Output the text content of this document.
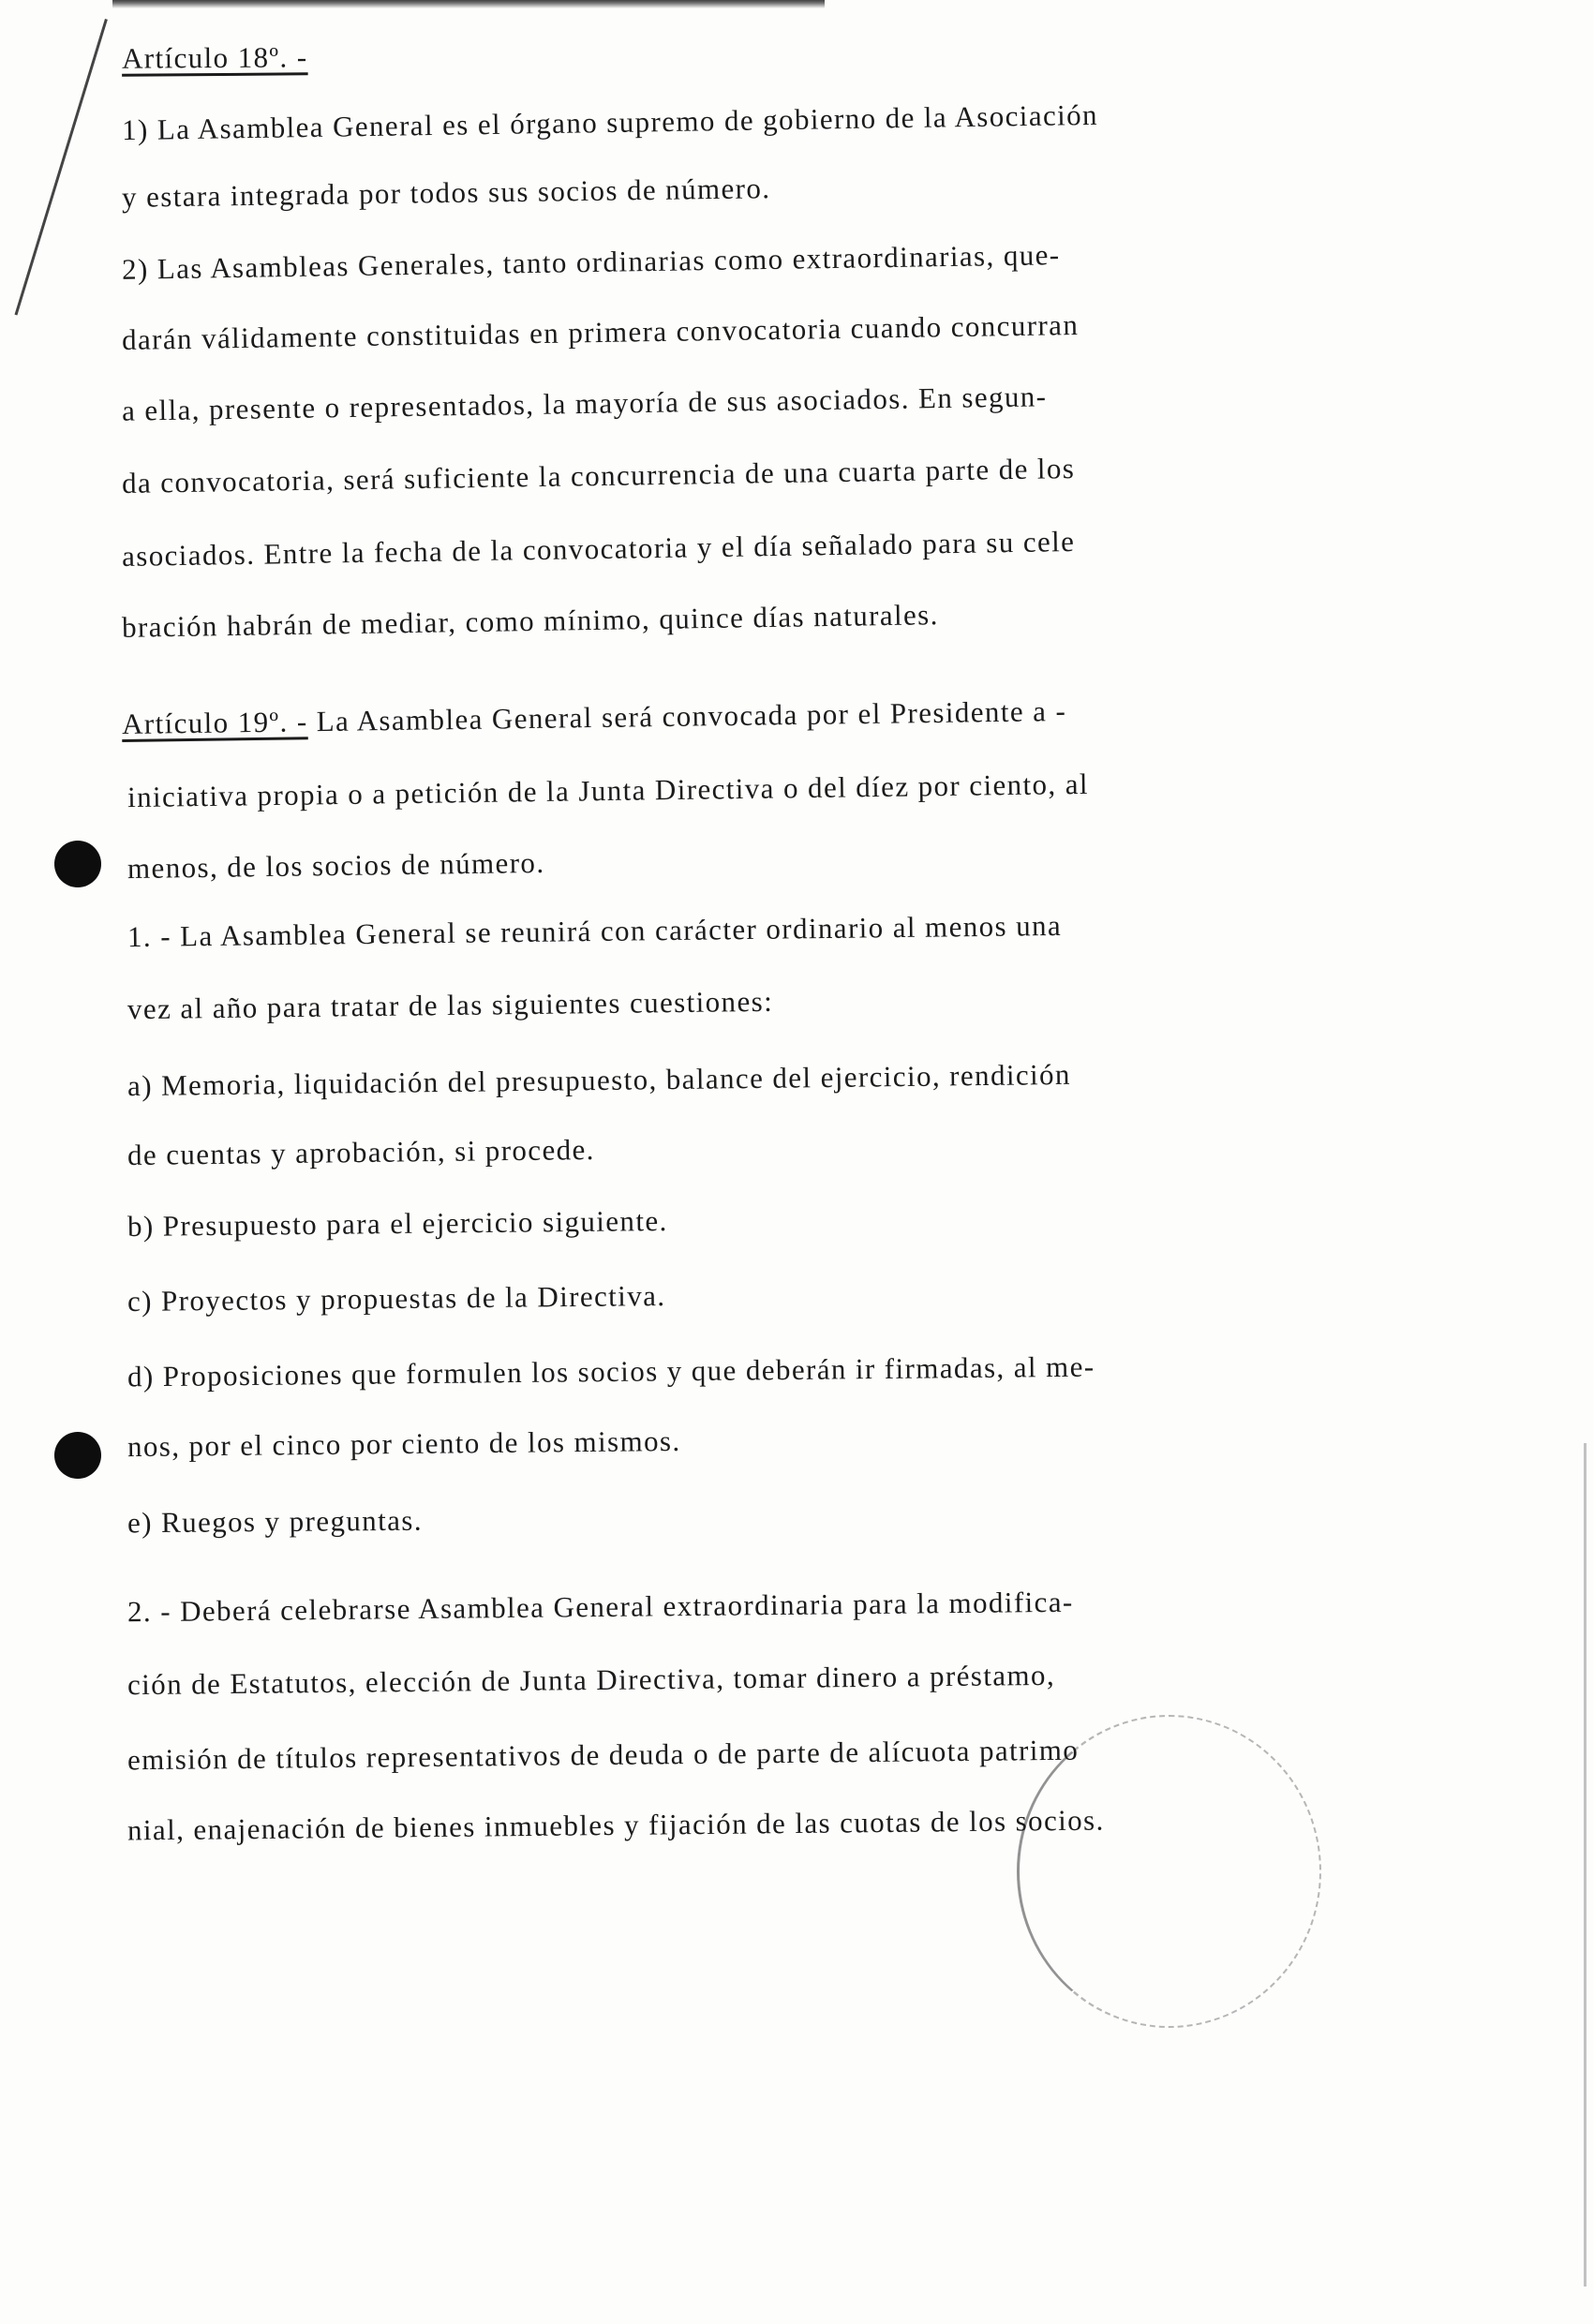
Artículo 18º. -
1) La Asamblea General es el órgano supremo de gobierno de la Asociación
y estara integrada por todos sus socios de número.
2) Las Asambleas Generales, tanto ordinarias como extraordinarias, que-
darán válidamente constituidas en primera convocatoria cuando concurran
a ella, presente o representados, la mayoría de sus asociados. En segun-
da convocatoria, será suficiente la concurrencia de una cuarta parte de los
asociados. Entre la fecha de la convocatoria y el día señalado para su cele
bración habrán de mediar, como mínimo, quince días naturales.
Artículo 19º. - La Asamblea General será convocada por el Presidente a -
iniciativa propia o a petición de la Junta Directiva o del díez por ciento, al
menos, de los socios de número.
1. - La Asamblea General se reunirá con carácter ordinario al menos una
vez al año para tratar de las siguientes cuestiones:
a) Memoria, liquidación del presupuesto, balance del ejercicio, rendición
de cuentas y aprobación, si procede.
b) Presupuesto para el ejercicio siguiente.
c) Proyectos y propuestas de la Directiva.
d) Proposiciones que formulen los socios y que deberán ir firmadas, al me-
nos, por el cinco por ciento de los mismos.
e) Ruegos y preguntas.
2. - Deberá celebrarse Asamblea General extraordinaria para la modifica-
ción de Estatutos, elección de Junta Directiva, tomar dinero a préstamo,
emisión de títulos representativos de deuda o de parte de alícuota patrimo
nial, enajenación de bienes inmuebles y fijación de las cuotas de los socios.
